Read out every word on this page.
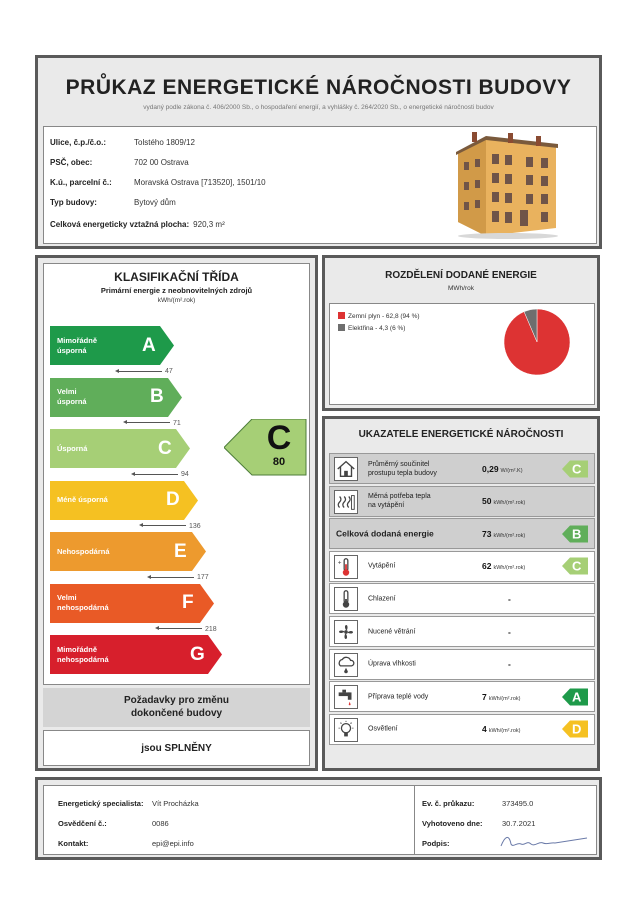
PRŮKAZ ENERGETICKÉ NÁROČNOSTI BUDOVY
vydaný podle zákona č. 406/2000 Sb., o hospodaření energií, a vyhlášky č. 264/2020 Sb., o energetické náročnosti budov
Ulice, č.p./č.o.:	Tolstého 1809/12
PSČ, obec:	702 00 Ostrava
K.ú., parcelní č.:	Moravská Ostrava [713520], 1501/10
Typ budovy:	Bytový dům
Celková energeticky vztažná plocha: 920,3 m²
KLASIFIKAČNÍ TŘÍDA
Primární energie z neobnovitelných zdrojů
kWh/(m².rok)
Mimořádně
úsporná	A
47
Velmi
úsporná	B
71
Úsporná	C
94
Méně úsporná	D
136
Nehospodárná	E
177
Velmi
nehospodárná	F
218
Mimořádně
nehospodárná	G
C
80
Požadavky pro změnu
dokončené budovy
jsou SPLNĚNY
ROZDĚLENÍ DODANÉ ENERGIE
MWh/rok
Zemní plyn - 62,8 (94 %)
Elektřina - 4,3 (6 %)
UKAZATELE ENERGETICKÉ NÁROČNOSTI
Průměrný součinitel
prostupu tepla budovy	0,29 W/(m².K)	C
Měrná potřeba tepla
na vytápění	50 kWh/(m².rok)
Celková dodaná energie	73 kWh/(m².rok)	B
+
Vytápění	62 kWh/(m².rok)	C
Chlazení	-
Nucené větrání	-
Úprava vlhkosti	-
Příprava teplé vody	7 kWh/(m².rok)	A
Osvětlení	4 kWh/(m².rok)	D
Energetický specialista: Vít Procházka
Osvědčení č.:	0086
Kontakt:	epi@epi.info
Ev. č. průkazu:	373495.0
Vyhotoveno dne:	30.7.2021
Podpis:
